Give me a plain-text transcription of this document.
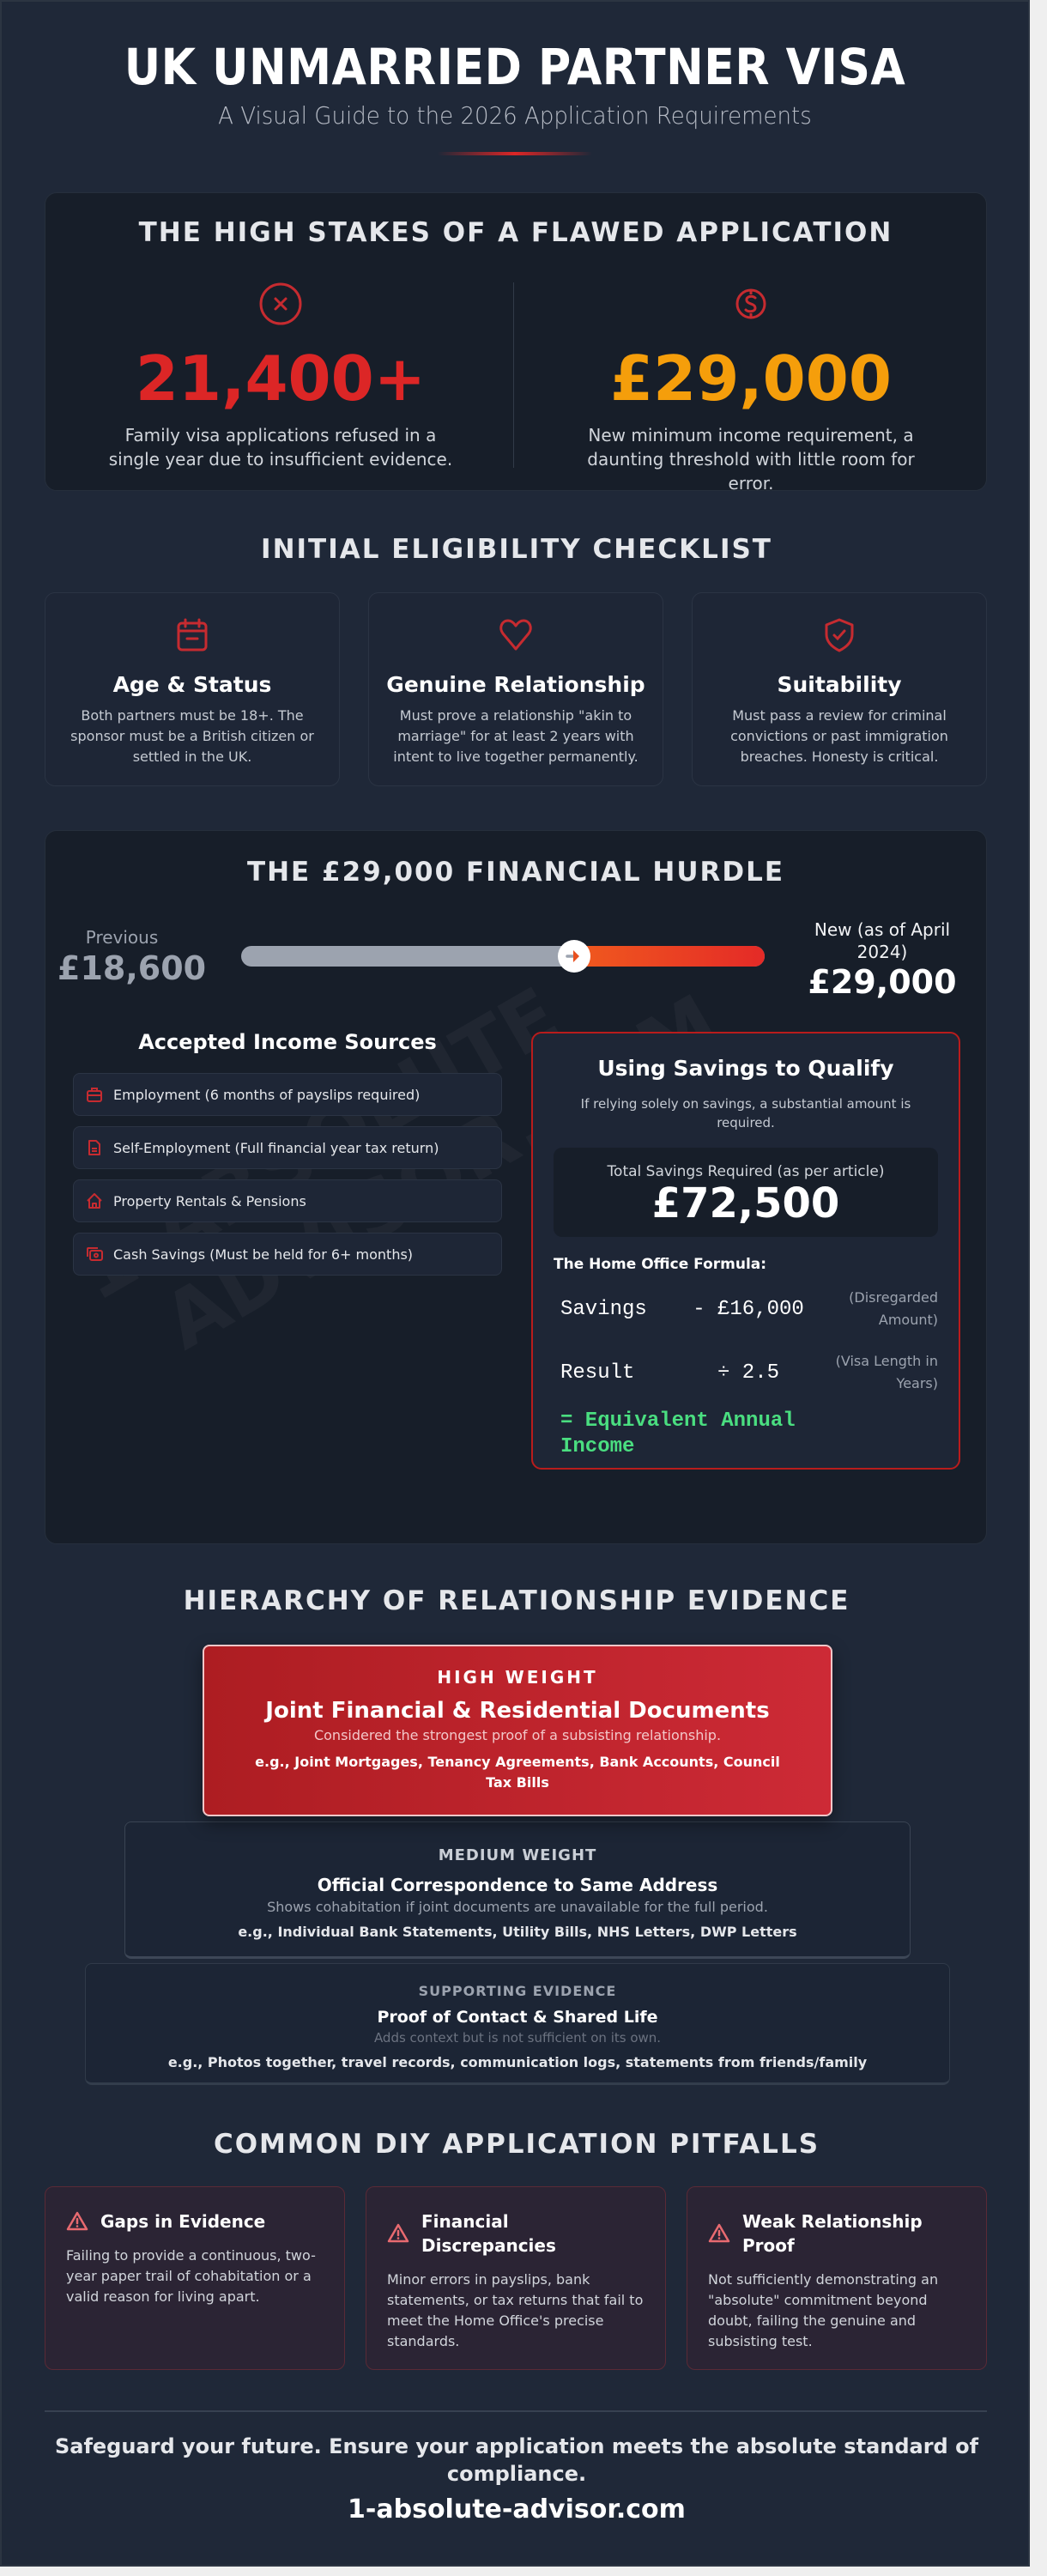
UK UNMARRIED PARTNER VISA
A Visual Guide to the 2026 Application Requirements
THE HIGH STAKES OF A FLAWED APPLICATION
21,400+
Family visa applications refused in a single year due to insufficient evidence.
£29,000
New minimum income requirement, a daunting threshold with little room for error.
INITIAL ELIGIBILITY CHECKLIST
Age & Status

Both partners must be 18+. The sponsor must be a British citizen or settled in the UK.

Genuine Relationship

Must prove a relationship "akin to marriage" for at least 2 years with intent to live together permanently.

Suitability

Must pass a review for criminal convictions or past immigration breaches. Honesty is critical.

THE £29,000 FINANCIAL HURDLE
Previous
£18,600
New (as of April 2024)
£29,000
Accepted Income Sources
Employment (6 months of payslips required)
Self-Employment (Full financial year tax return)
Property Rentals & Pensions
Cash Savings (Must be held for 6+ months)
Using Savings to Qualify
If relying solely on savings, a substantial amount is required.
Total Savings Required (as per article)
£72,500
The Home Office Formula:
Savings	- £16,000	(Disregarded Amount)
Result	÷ 2.5	(Visa Length in Years)
= Equivalent Annual Income
HIERARCHY OF RELATIONSHIP EVIDENCE
HIGH WEIGHT
Joint Financial & Residential Documents
Considered the strongest proof of a subsisting relationship.
e.g., Joint Mortgages, Tenancy Agreements, Bank Accounts, Council Tax Bills
MEDIUM WEIGHT
Official Correspondence to Same Address
Shows cohabitation if joint documents are unavailable for the full period.
e.g., Individual Bank Statements, Utility Bills, NHS Letters, DWP Letters
SUPPORTING EVIDENCE
Proof of Contact & Shared Life
Adds context but is not sufficient on its own.
e.g., Photos together, travel records, communication logs, statements from friends/family
COMMON DIY APPLICATION PITFALLS
Gaps in Evidence

Failing to provide a continuous, two-year paper trail of cohabitation or a valid reason for living apart.

Financial Discrepancies

Minor errors in payslips, bank statements, or tax returns that fail to meet the Home Office's precise standards.

Weak Relationship Proof

Not sufficiently demonstrating an "absolute" commitment beyond doubt, failing the genuine and subsisting test.

Safeguard your future. Ensure your application meets the absolute standard of compliance.
1-absolute-advisor.com
